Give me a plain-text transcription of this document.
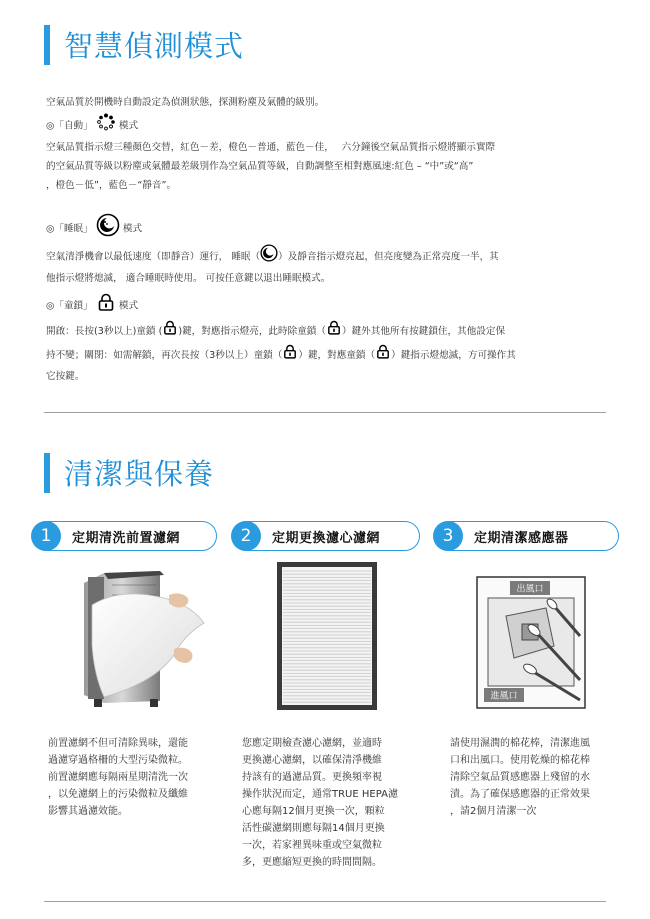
智慧偵測模式

空氣品質於開機時自動設定為偵測狀態，探測粉塵及氣體的級別。

◎「自動」	模式

空氣品質指示燈三種顏色交替，紅色－差，橙色－普通，藍色－佳，　 六分鐘後空氣品質指示燈將顯示實際

的空氣品質等級以粉塵或氣體最差級別作為空氣品質等級，自動調整至相對應風速:紅色 – “中”或“高”

，橙色－低”，藍色－“靜音”。

◎「睡眠」	模式

空氣清淨機會以最低速度（即靜音）運行， 睡眠（ ）及靜音指示燈亮起，但亮度變為正常亮度一半，其

他指示燈將熄滅， 適合睡眠時使用。 可按任意鍵以退出睡眠模式。

◎「童鎖」	模式

開啟：長按(3秒以上)童鎖 ( )鍵，對應指示燈亮，此時除童鎖（ ）鍵外其他所有按鍵鎖住，其他設定保

持不變；關閉：如需解鎖，再次長按（3秒以上）童鎖（ ）鍵，對應童鎖（ ）鍵指示燈熄滅，方可操作其

它按鍵。

清潔與保養
1	定期清洗前置濾網	2	定期更換濾心濾網	3	定期清潔感應器
出風口
進風口
前置濾網不但可清除異味，還能
過濾穿過格柵的大型污染微粒。
前置濾網應每隔兩星期清洗一次
，以免濾網上的污染微粒及纖維
影響其過濾效能。
您應定期檢查濾心濾網，並適時
更換濾心濾網，以確保清淨機維
持該有的過濾品質。更換頻率視
操作狀況而定，通常TRUE HEPA濾
心應每隔12個月更換一次，顆粒
活性碳濾網則應每隔14個月更換
一次，若家裡異味重或空氣微粒
多，更應縮短更換的時間間隔。
請使用濕潤的棉花棒，清潔進風
口和出風口。使用乾燥的棉花棒
清除空氣品質感應器上殘留的水
漬。為了確保感應器的正常效果
，請2個月清潔一次
